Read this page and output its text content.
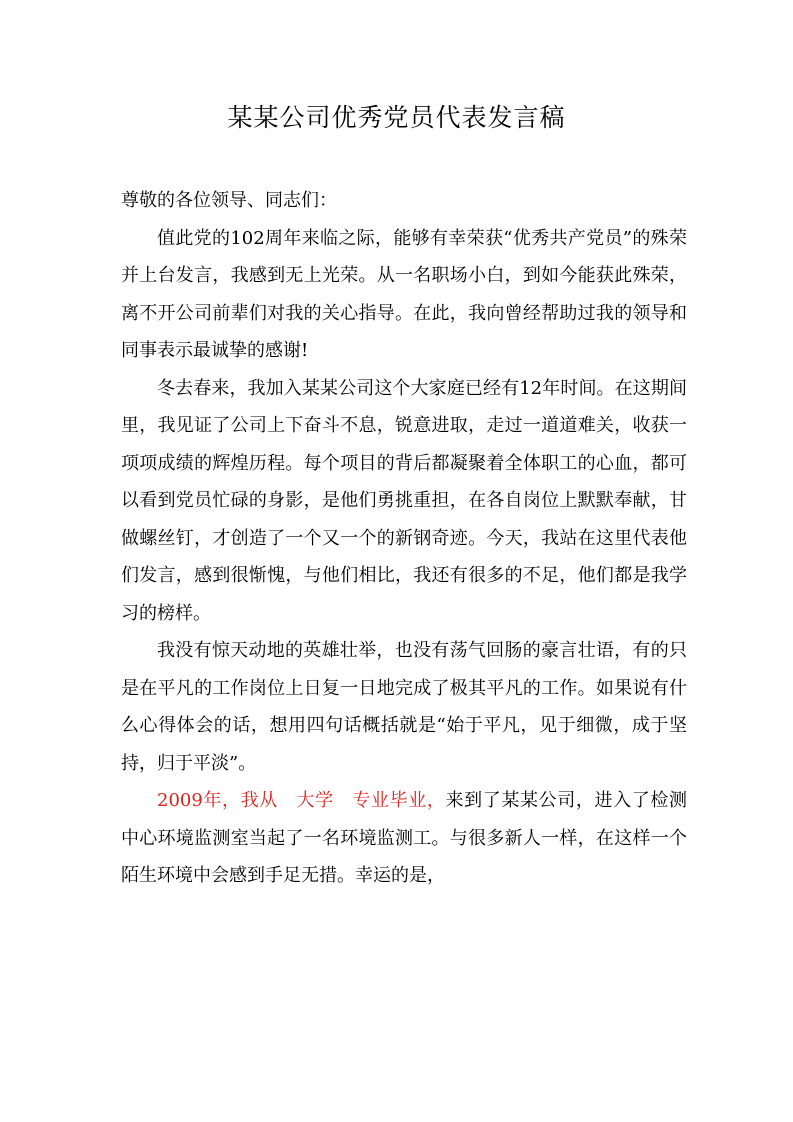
某某公司优秀党员代表发言稿

尊敬的各位领导、同志们：

值此党的102周年来临之际，能够有幸荣获“优秀共产党员”的殊荣并上台发言，我感到无上光荣。从一名职场小白，到如今能获此殊荣，离不开公司前辈们对我的关心指导。在此，我向曾经帮助过我的领导和同事表示最诚挚的感谢!

冬去春来，我加入某某公司这个大家庭已经有12年时间。在这期间里，我见证了公司上下奋斗不息，锐意进取，走过一道道难关，收获一项项成绩的辉煌历程。每个项目的背后都凝聚着全体职工的心血，都可以看到党员忙碌的身影，是他们勇挑重担，在各自岗位上默默奉献，甘做螺丝钉，才创造了一个又一个的新钢奇迹。今天，我站在这里代表他们发言，感到很惭愧，与他们相比，我还有很多的不足，他们都是我学习的榜样。

我没有惊天动地的英雄壮举，也没有荡气回肠的豪言壮语，有的只是在平凡的工作岗位上日复一日地完成了极其平凡的工作。如果说有什么心得体会的话，想用四句话概括就是“始于平凡，见于细微，成于坚持，归于平淡”。

2009年，我从　大学　专业毕业，来到了某某公司，进入了检测中心环境监测室当起了一名环境监测工。与很多新人一样，在这样一个陌生环境中会感到手足无措。幸运的是，
